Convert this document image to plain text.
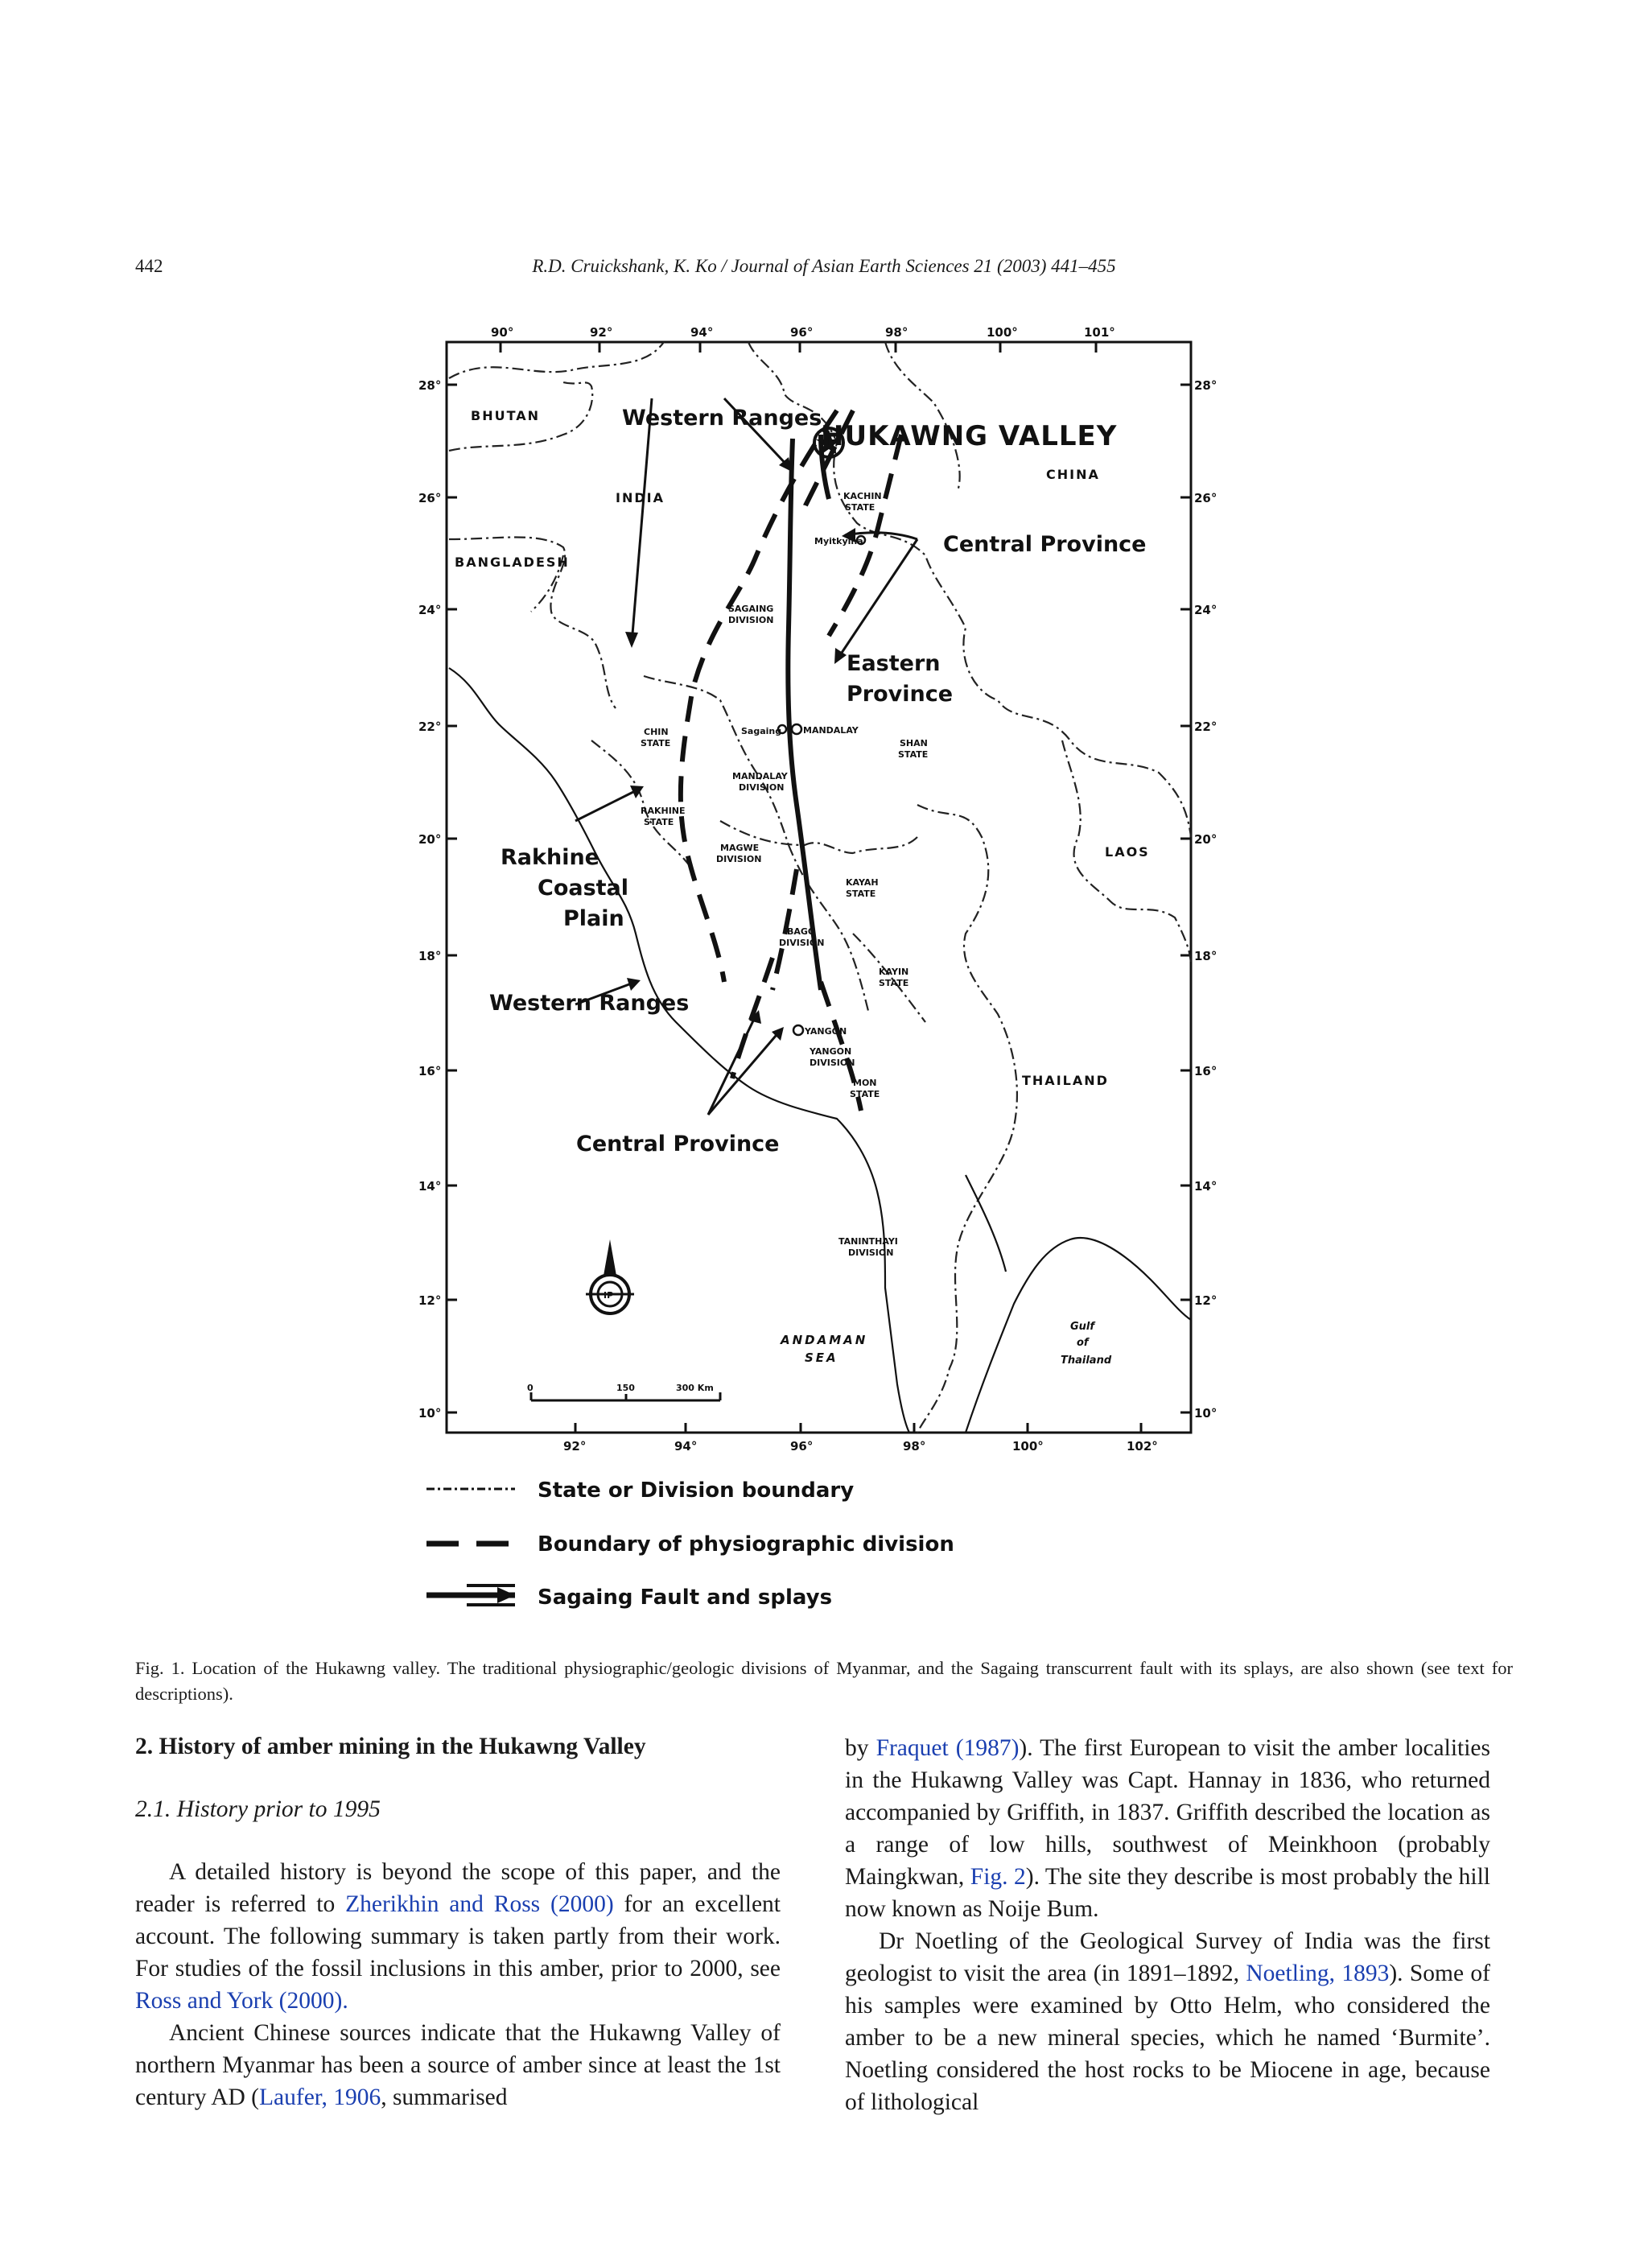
442	R.D. Cruickshank, K. Ko / Journal of Asian Earth Sciences 21 (2003) 441–455
90°	92°	94°	96°	98°	100°	101°
92°	94°	96°	98°	100°	102°
28°
26°
24°
22°
20°
18°
16°
14°
12°
10°
28°
26°
24°
22°
20°
18°
16°
14°
12°
10°
BHUTAN
INDIA
BANGLADESH
CHINA
LAOS
THAILAND
HUKAWNG VALLEY
Western Ranges
Central Province
Eastern
Province
Rakhine
Coastal
Plain
Western Ranges
Central Province
ANDAMAN
SEA
Gulf
of
Thailand
KACHIN
STATE
Myitkyina
SAGAING
DIVISION
Sagaing MANDALAY
CHIN
STATE	SHAN
STATE
MANDALAY
DIVISION
RAKHINE
STATE
MAGWE
DIVISION
KAYAH
STATE
BAGO
DIVISION
KAYIN
STATE
YANGON
YANGON
DIVISION
MON
STATE
TANINTHAYI
DIVISION
IP
0	150	300 Km
State or Division boundary
Boundary of physiographic division
Sagaing Fault and splays

Fig. 1. Location of the Hukawng valley. The traditional physiographic/geologic divisions of Myanmar, and the Sagaing transcurrent fault with its splays, are also shown (see text for descriptions).

2. History of amber mining in the Hukawng Valley
2.1. History prior to 1995

A detailed history is beyond the scope of this paper, and the reader is referred to Zherikhin and Ross (2000) for an excellent account. The following summary is taken partly from their work. For studies of the fossil inclusions in this amber, prior to 2000, see Ross and York (2000).

Ancient Chinese sources indicate that the Hukawng Valley of northern Myanmar has been a source of amber since at least the 1st century AD (Laufer, 1906, summarised

by Fraquet (1987)). The first European to visit the amber localities in the Hukawng Valley was Capt. Hannay in 1836, who returned accompanied by Griffith, in 1837. Griffith described the location as a range of low hills, southwest of Meinkhoon (probably Maingkwan, Fig. 2). The site they describe is most probably the hill now known as Noije Bum.

Dr Noetling of the Geological Survey of India was the first geologist to visit the area (in 1891–1892, Noetling, 1893). Some of his samples were examined by Otto Helm, who considered the amber to be a new mineral species, which he named ‘Burmite’. Noetling considered the host rocks to be Miocene in age, because of lithological
